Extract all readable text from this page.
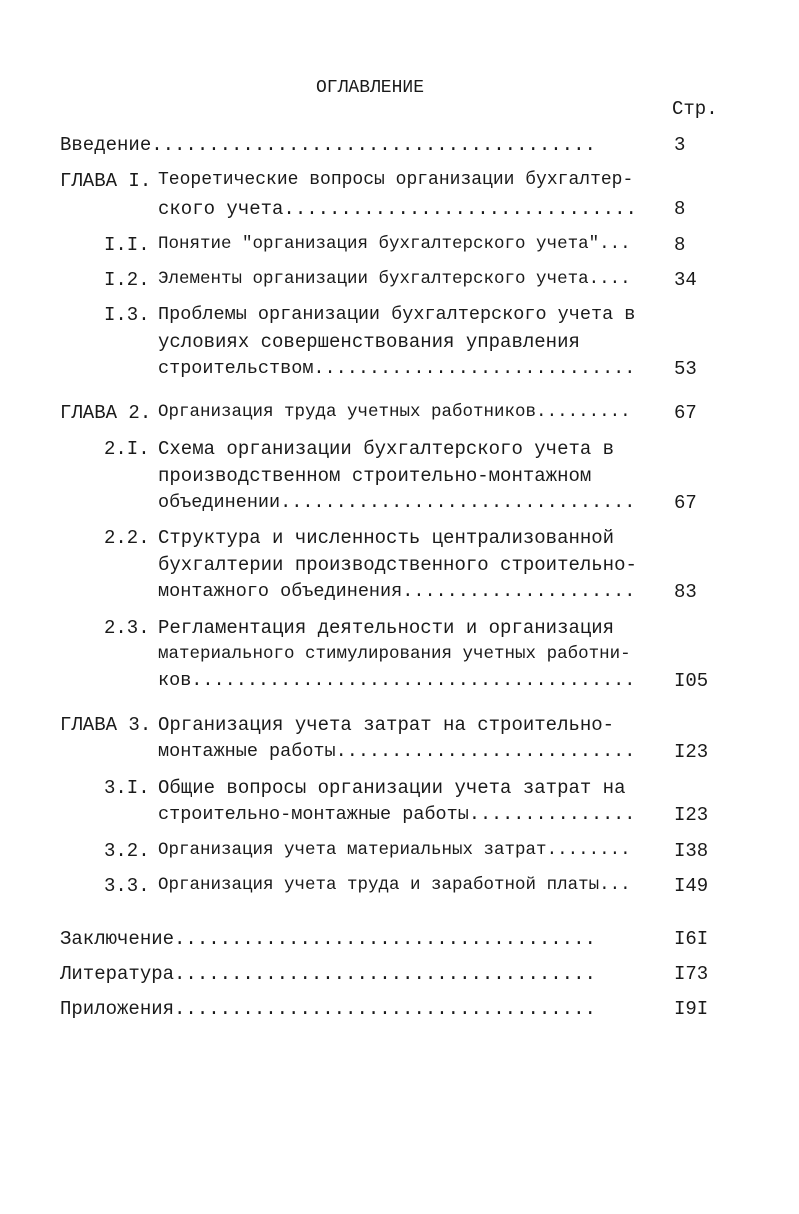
ОГЛАВЛЕНИЕ
Стр.
Введение.......................................	3
ГЛАВА I. Теоретические вопросы организации бухгалтер-
ского учета............................... 8
I.I. Понятие "организация бухгалтерского учета"... 8
I.2. Элементы организации бухгалтерского учета.... 34
I.3. Проблемы организации бухгалтерского учета в
условиях совершенствования управления
строительством............................. 53
ГЛАВА 2. Организация труда учетных работников......... 67
2.I. Схема организации бухгалтерского учета в
производственном строительно-монтажном
объединении................................ 67
2.2. Структура и численность централизованной
бухгалтерии производственного строительно-
монтажного объединения..................... 83
2.3. Регламентация деятельности и организация
материального стимулирования учетных работни-
ков........................................ I05
ГЛАВА 3. Организация учета затрат на строительно-
монтажные работы........................... I23
3.I. Общие вопросы организации учета затрат на
строительно-монтажные работы............... I23
3.2. Организация учета материальных затрат........ I38
3.3. Организация учета труда и заработной платы... I49
Заключение.....................................	I6I
Литература.....................................	I73
Приложения.....................................	I9I
